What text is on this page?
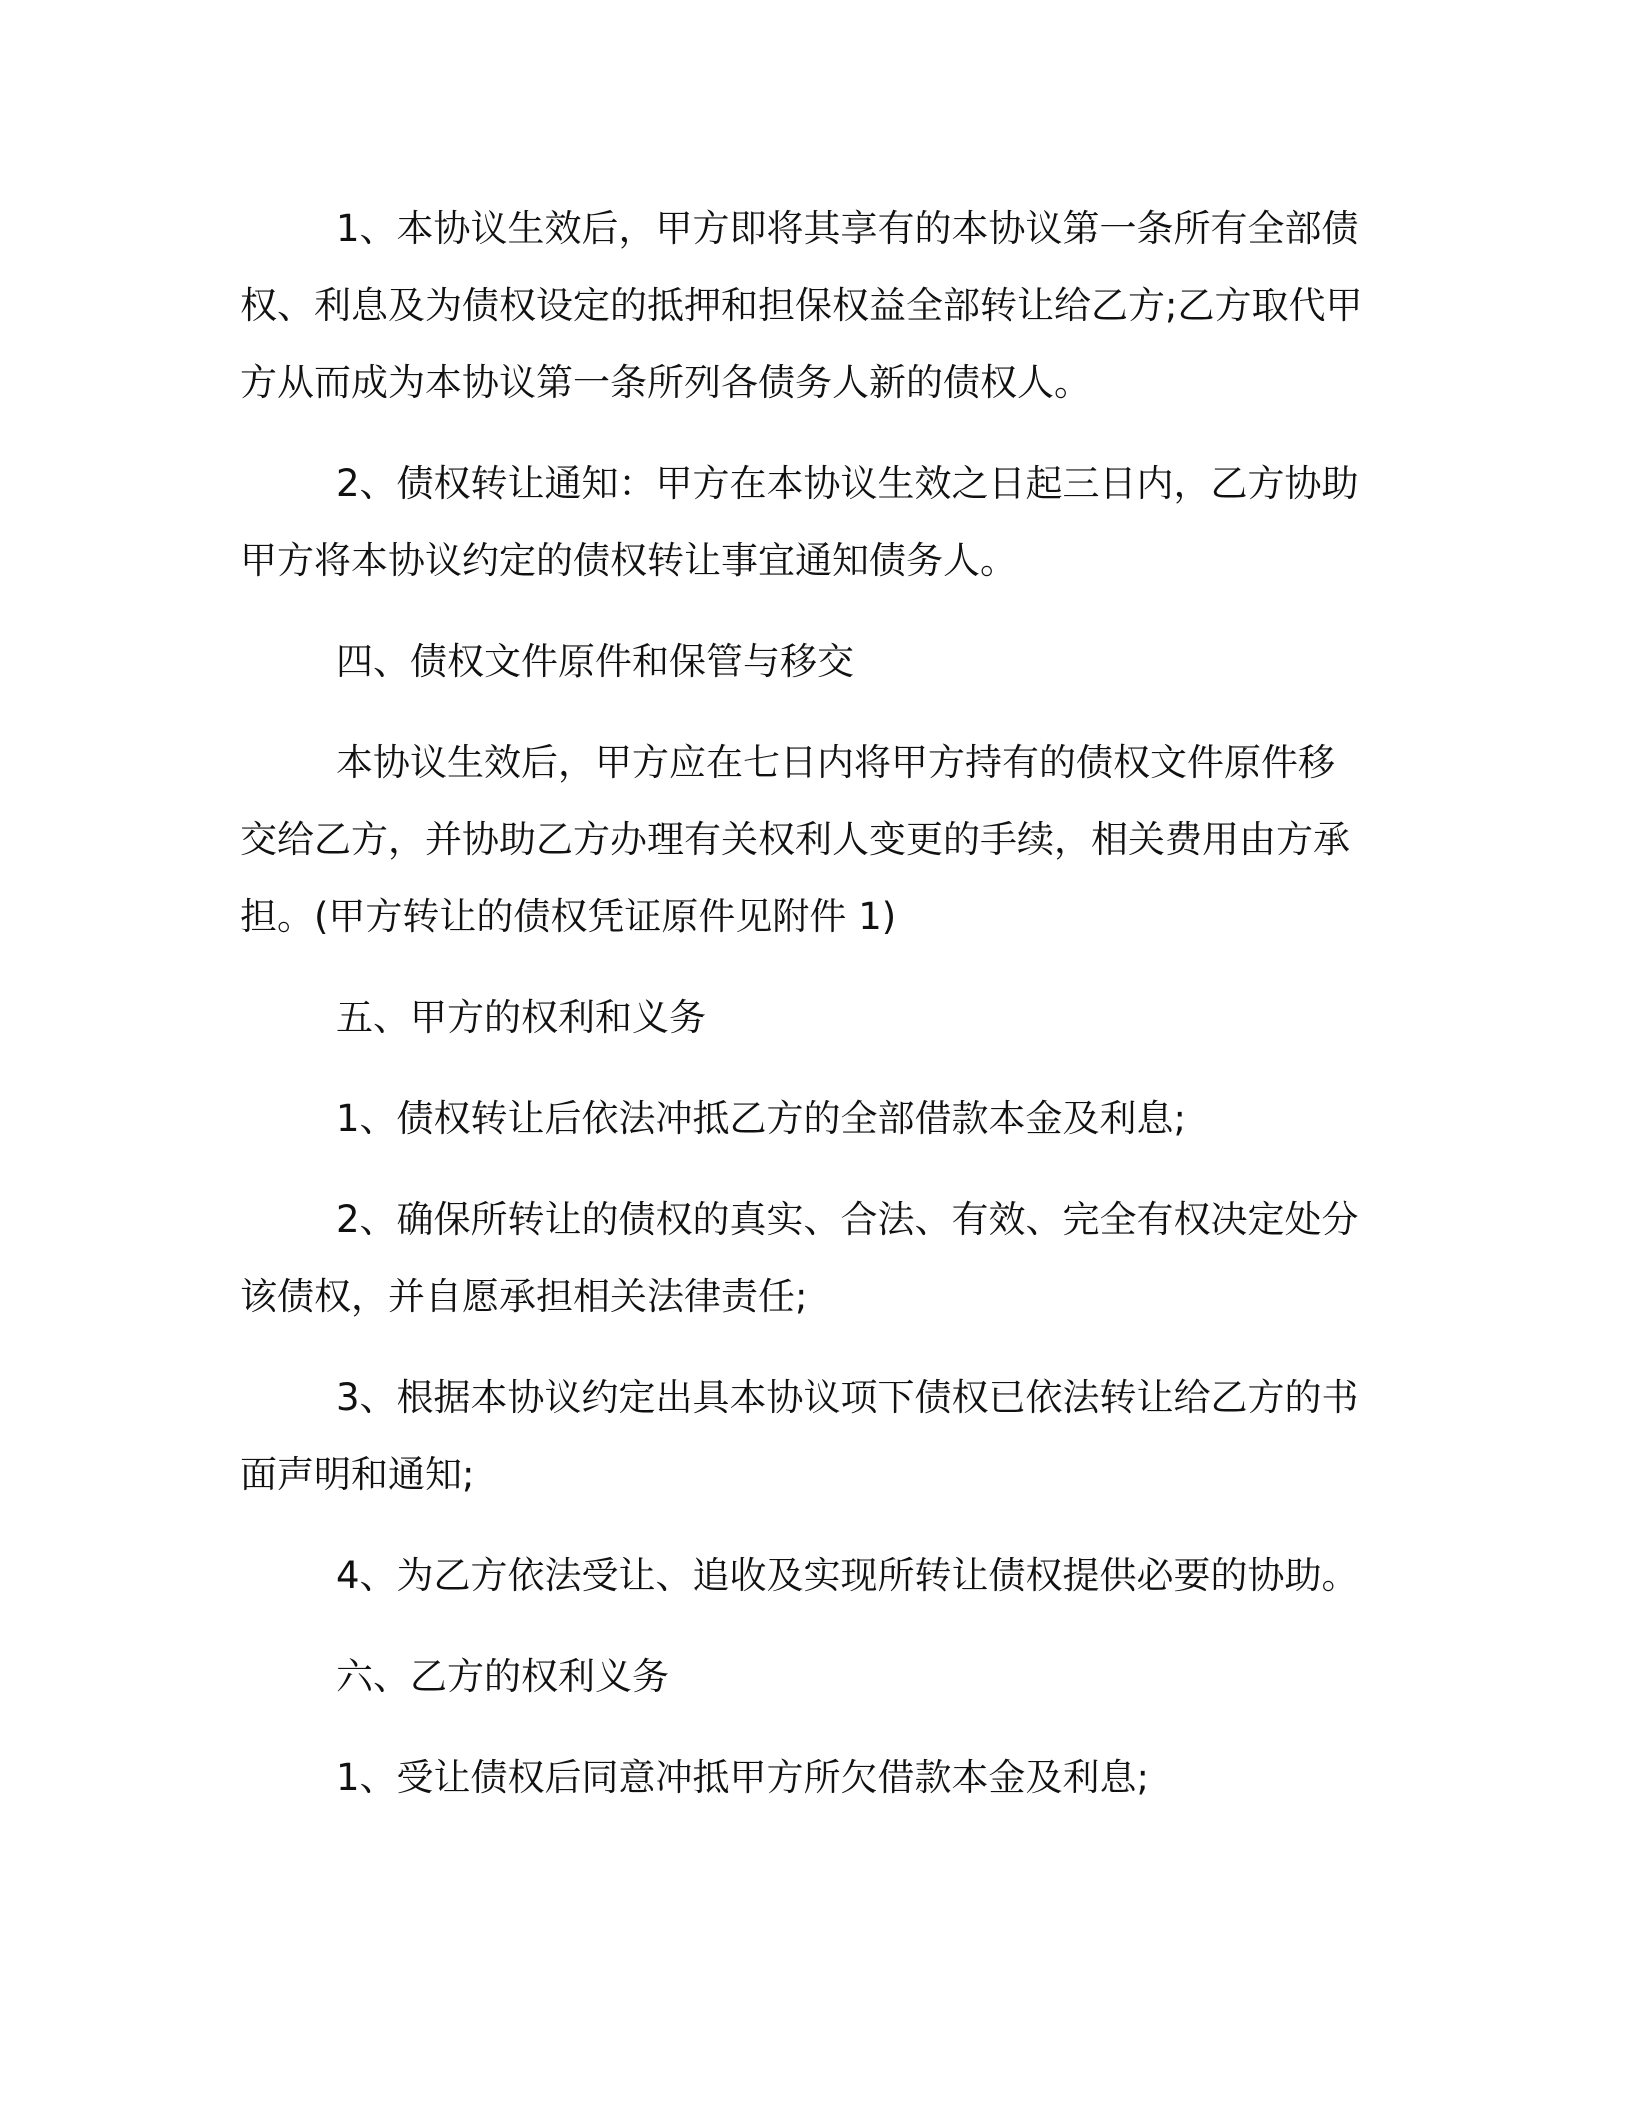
1、本协议生效后，甲方即将其享有的本协议第一条所有全部债权、利息及为债权设定的抵押和担保权益全部转让给乙方;乙方取代甲方从而成为本协议第一条所列各债务人新的债权人。

2、债权转让通知：甲方在本协议生效之日起三日内，乙方协助甲方将本协议约定的债权转让事宜通知债务人。

四、债权文件原件和保管与移交

本协议生效后，甲方应在七日内将甲方持有的债权文件原件移交给乙方，并协助乙方办理有关权利人变更的手续，相关费用由方承担。(甲方转让的债权凭证原件见附件 1)

五、甲方的权利和义务

1、债权转让后依法冲抵乙方的全部借款本金及利息;

2、确保所转让的债权的真实、合法、有效、完全有权决定处分该债权，并自愿承担相关法律责任;

3、根据本协议约定出具本协议项下债权已依法转让给乙方的书面声明和通知;

4、为乙方依法受让、追收及实现所转让债权提供必要的协助。

六、乙方的权利义务

1、受让债权后同意冲抵甲方所欠借款本金及利息;
